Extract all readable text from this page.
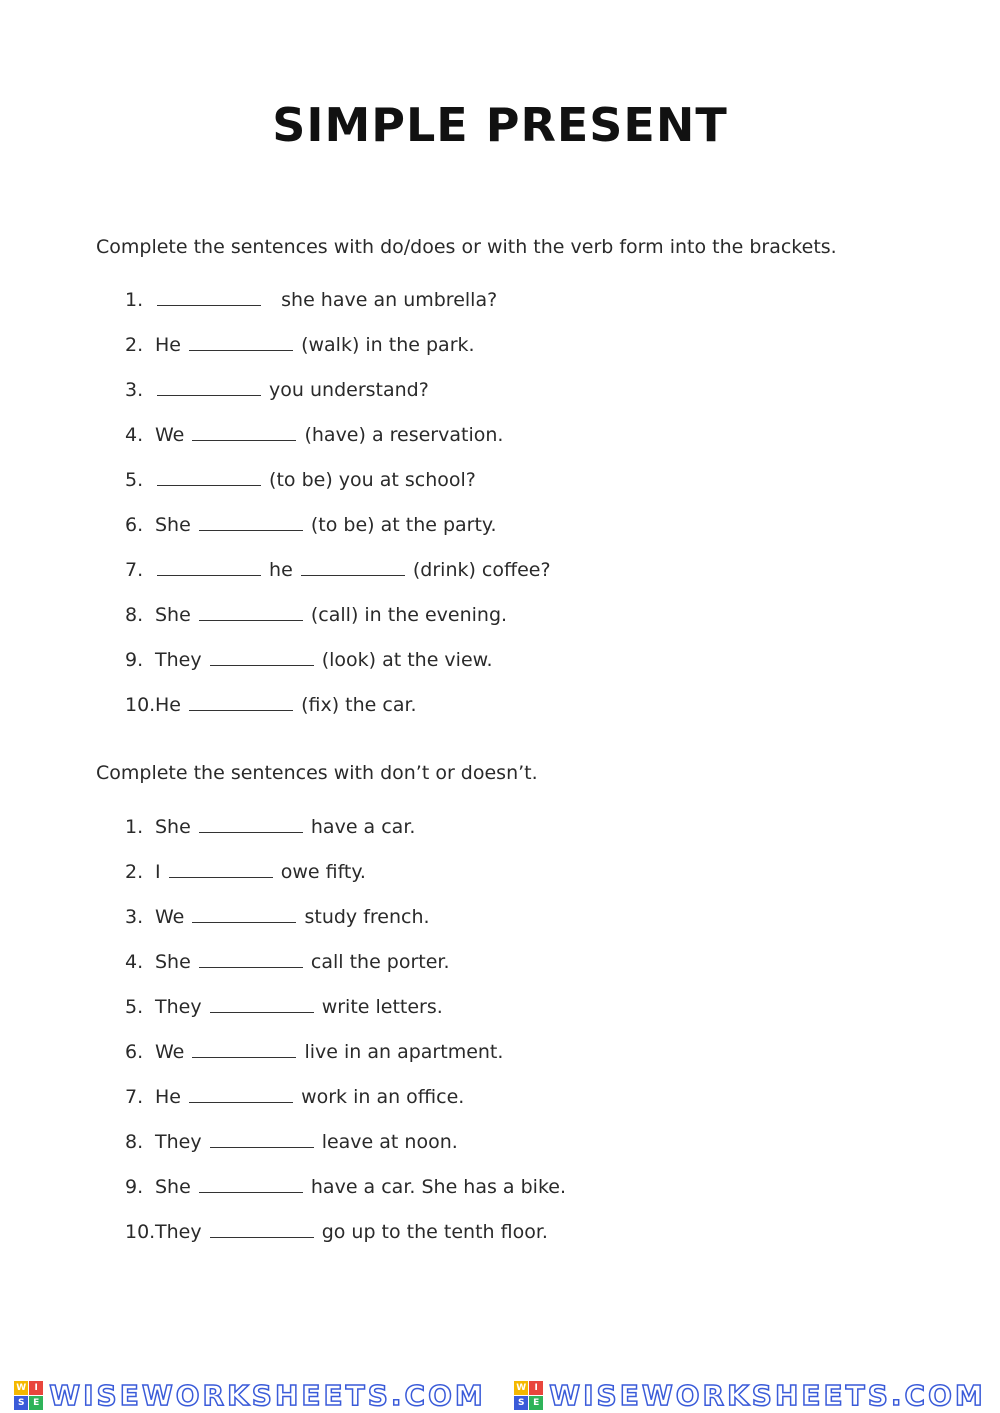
SIMPLE PRESENT
Complete the sentences with do/does or with the verb form into the brackets.
1.	she have an umbrella?
2. He	(walk) in the park.
3.	you understand?
4. We	(have) a reservation.
5.	(to be) you at school?
6. She	(to be) at the party.
7.	he	(drink) coffee?
8. She	(call) in the evening.
9. They	(look) at the view.
10.He	(fix) the car.
Complete the sentences with don’t or doesn’t.
1. She	have a car.
2. I	owe fifty.
3. We	study french.
4. She	call the porter.
5. They	write letters.
6. We	live in an apartment.
7. He	work in an office.
8. They	leave at noon.
9. She	have a car. She has a bike.
10.They	go up to the tenth floor.
W I
S E WISEWORKSHEETS.COM	W I
S E WISEWORKSHEETS.COM
